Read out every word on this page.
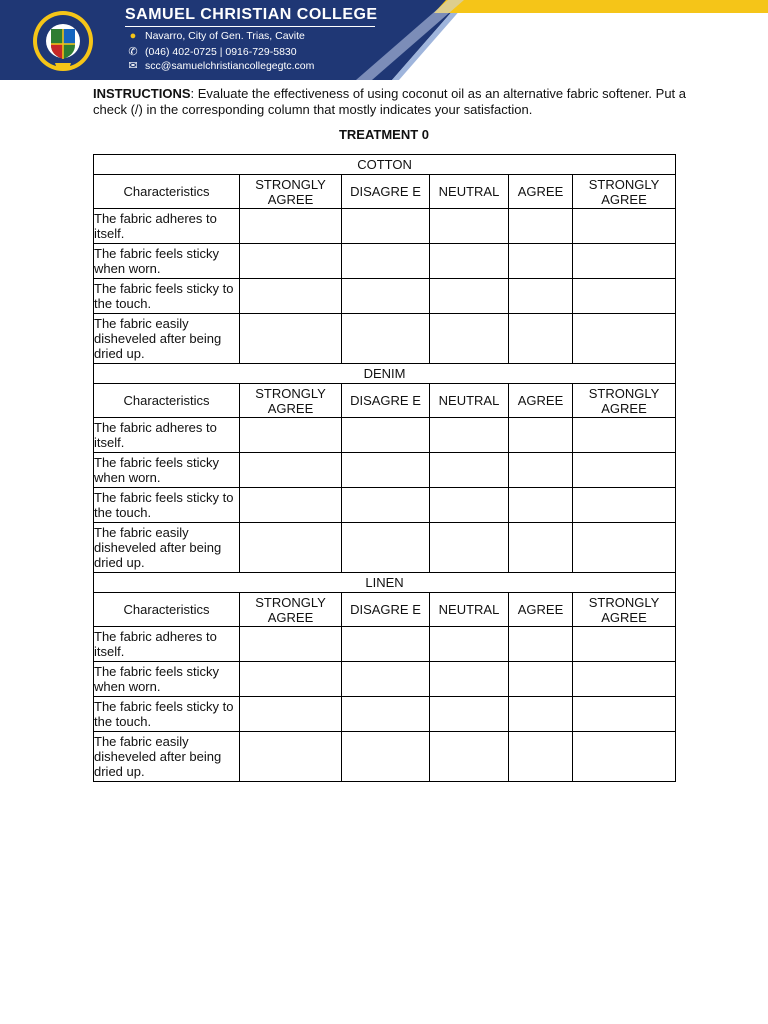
SAMUEL CHRISTIAN COLLEGE
● Navarro, City of Gen. Trias, Cavite
✆ (046) 402-0725 | 0916-729-5830
✉ scc@samuelchristiancollegegtc.com

INSTRUCTIONS: Evaluate the effectiveness of using coconut oil as an alternative fabric softener. Put a check (/) in the corresponding column that mostly indicates your satisfaction.

TREATMENT 0

COTTON					
Characteristics	STRONGLY AGREE	DISAGRE E	NEUTRAL	AGREE	STRONGLY AGREE
The fabric adheres to itself.					
The fabric feels sticky when worn.					
The fabric feels sticky to the touch.					
The fabric easily disheveled after being dried up.					
DENIM					
Characteristics	STRONGLY AGREE	DISAGRE E	NEUTRAL	AGREE	STRONGLY AGREE
The fabric adheres to itself.					
The fabric feels sticky when worn.					
The fabric feels sticky to the touch.					
The fabric easily disheveled after being dried up.					
LINEN					
Characteristics	STRONGLY AGREE	DISAGRE E	NEUTRAL	AGREE	STRONGLY AGREE
The fabric adheres to itself.					
The fabric feels sticky when worn.					
The fabric feels sticky to the touch.					
The fabric easily disheveled after being dried up.					
